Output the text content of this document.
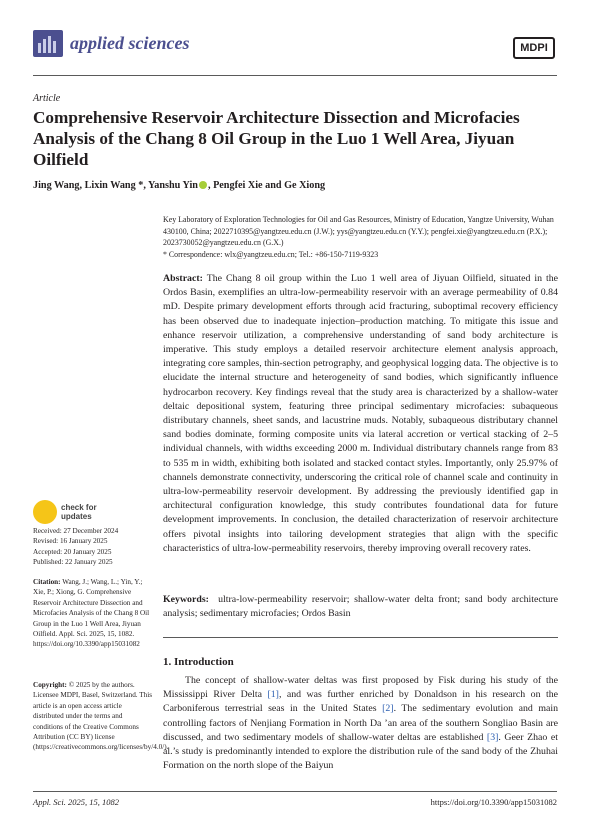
applied sciences	MDPI
Article
Comprehensive Reservoir Architecture Dissection and Microfacies Analysis of the Chang 8 Oil Group in the Luo 1 Well Area, Jiyuan Oilfield
Jing Wang, Lixin Wang *, Yanshu Yin , Pengfei Xie and Ge Xiong
Key Laboratory of Exploration Technologies for Oil and Gas Resources, Ministry of Education, Yangtze University, Wuhan 430100, China; 2022710395@yangtzeu.edu.cn (J.W.); yys@yangtzeu.edu.cn (Y.Y.); pengfei.xie@yangtzeu.edu.cn (P.X.); 2023730052@yangtzeu.edu.cn (G.X.)
* Correspondence: wlx@yangtzeu.edu.cn; Tel.: +86-150-7119-9323
Abstract: The Chang 8 oil group within the Luo 1 well area of Jiyuan Oilfield, situated in the Ordos Basin, exemplifies an ultra-low-permeability reservoir with an average permeability of 0.84 mD. Despite primary development efforts through acid fracturing, suboptimal recovery efficiency has been observed due to inadequate injection–production matching. To mitigate this issue and enhance reservoir utilization, a comprehensive understanding of sand body architecture is imperative. This study employs a detailed reservoir architecture element analysis approach, integrating core samples, thin-section petrography, and geophysical logging data. The objective is to elucidate the internal structure and heterogeneity of sand bodies, which significantly influence hydrocarbon recovery. Key findings reveal that the study area is characterized by a shallow-water deltaic depositional system, featuring three principal sedimentary microfacies: subaqueous distributary channels, sheet sands, and lacustrine muds. Notably, subaqueous distributary channel sand bodies dominate, forming composite units via lateral accretion or vertical stacking of 2–5 individual channels, with widths exceeding 2000 m. Individual distributary channels range from 83 to 535 m in width, exhibiting both isolated and stacked contact styles. Importantly, only 25.97% of channels demonstrate connectivity, underscoring the critical role of channel scale and continuity in ultra-low-permeability reservoir development. By addressing the previously identified gap in architectural configuration knowledge, this study contributes foundational data for future development improvements. In conclusion, the detailed characterization of reservoir architecture offers pivotal insights into tailoring development strategies that align with the specific characteristics of ultra-low-permeability reservoirs, thereby improving overall recovery rates.
Keywords: ultra-low-permeability reservoir; shallow-water delta front; sand body architecture analysis; sedimentary microfacies; Ordos Basin
check for
updates
Received: 27 December 2024
Revised: 16 January 2025
Accepted: 20 January 2025
Published: 22 January 2025
Citation: Wang, J.; Wang, L.; Yin, Y.; Xie, P.; Xiong, G. Comprehensive Reservoir Architecture Dissection and Microfacies Analysis of the Chang 8 Oil Group in the Luo 1 Well Area, Jiyuan Oilfield. Appl. Sci. 2025, 15, 1082. https://doi.org/10.3390/app15031082
Copyright: © 2025 by the authors. Licensee MDPI, Basel, Switzerland. This article is an open access article distributed under the terms and conditions of the Creative Commons Attribution (CC BY) license (https://creativecommons.org/licenses/by/4.0/).
1. Introduction
The concept of shallow-water deltas was first proposed by Fisk during his study of the Mississippi River Delta [1], and was further enriched by Donaldson in his research on the Carboniferous terrestrial seas in the United States [2]. The sedimentary evolution and main controlling factors of Nenjiang Formation in North Da ’an area of the southern Songliao Basin are discussed, and two sedimentary models of shallow-water deltas are established [3]. Geer Zhao et al.’s study is predominantly intended to explore the distribution rule of the sand body of the Zhuhai Formation on the north slope of the Baiyun
Appl. Sci. 2025, 15, 1082	https://doi.org/10.3390/app15031082
